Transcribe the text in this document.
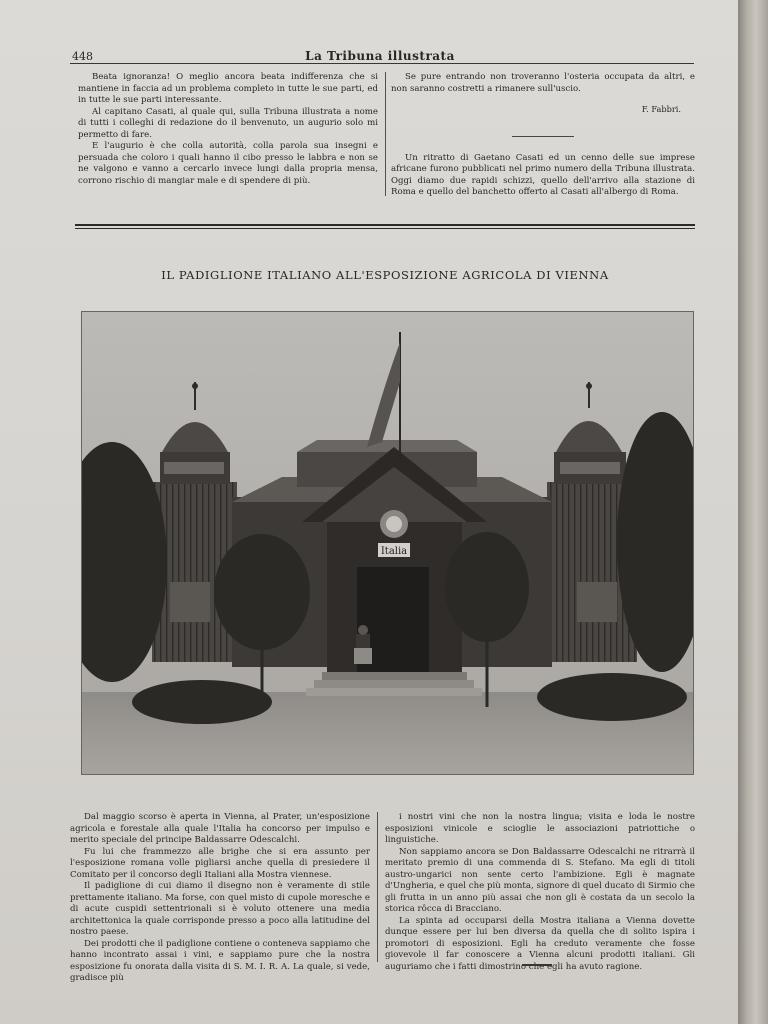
448	La Tribuna illustrata

Beata ignoranza! O meglio ancora beata indifferenza che si mantiene in faccia ad un problema completo in tutte le sue parti, ed in tutte le sue parti interessante.

Al capitano Casati, al quale qui, sulla Tribuna illustrata a nome di tutti i colleghi di redazione do il benvenuto, un augurio solo mi permetto di fare.

E l'augurio è che colla autorità, colla parola sua insegni e persuada che coloro i quali hanno il cibo presso le labbra e non se ne valgono e vanno a cercarlo invece lungi dalla propria mensa, corrono rischio di mangiar male e di spendere di più.

Se pure entrando non troveranno l'osteria occupata da altri, e non saranno costretti a rimanere sull'uscio.

F. Fabbri.

Un ritratto di Gaetano Casati ed un cenno delle sue imprese africane furono pubblicati nel primo numero della Tribuna illustrata. Oggi diamo due rapidi schizzi, quello dell'arrivo alla stazione di Roma e quello del banchetto offerto al Casati all'albergo di Roma.

IL PADIGLIONE ITALIANO ALL'ESPOSIZIONE AGRICOLA DI VIENNA
Italia

Dal maggio scorso è aperta in Vienna, al Prater, un'esposizione agricola e forestale alla quale l'Italia ha concorso per impulso e merito speciale del principe Baldassarre Odescalchi.

Fu lui che frammezzo alle brighe che si era assunto per l'esposizione romana volle pigliarsi anche quella di presiedere il Comitato per il concorso degli Italiani alla Mostra viennese.

Il padiglione di cui diamo il disegno non è veramente di stile prettamente italiano. Ma forse, con quel misto di cupole moresche e di acute cuspidi settentrionali si è voluto ottenere una media architettonica la quale corrisponde presso a poco alla latitudine del nostro paese.

Dei prodotti che il padiglione contiene o conteneva sappiamo che hanno incontrato assai i vini, e sappiamo pure che la nostra esposizione fu onorata dalla visita di S. M. I. R. A. La quale, si vede, gradisce più

i nostri vini che non la nostra lingua; visita e loda le nostre esposizioni vinicole e scioglie le associazioni patriottiche o linguistiche.

Non sappiamo ancora se Don Baldassarre Odescalchi ne ritrarrà il meritato premio di una commenda di S. Stefano. Ma egli di titoli austro-ungarici non sente certo l'ambizione. Egli è magnate d'Ungheria, e quel che più monta, signore di quel ducato di Sirmio che gli frutta in un anno più assai che non gli è costata da un secolo la storica rôcca di Bracciano.

La spinta ad occuparsi della Mostra italiana a Vienna dovette dunque essere per lui ben diversa da quella che di solito ispira i promotori di esposizioni. Egli ha creduto veramente che fosse giovevole il far conoscere a Vienna alcuni prodotti italiani. Gli auguriamo che i fatti dimostrino che egli ha avuto ragione.
